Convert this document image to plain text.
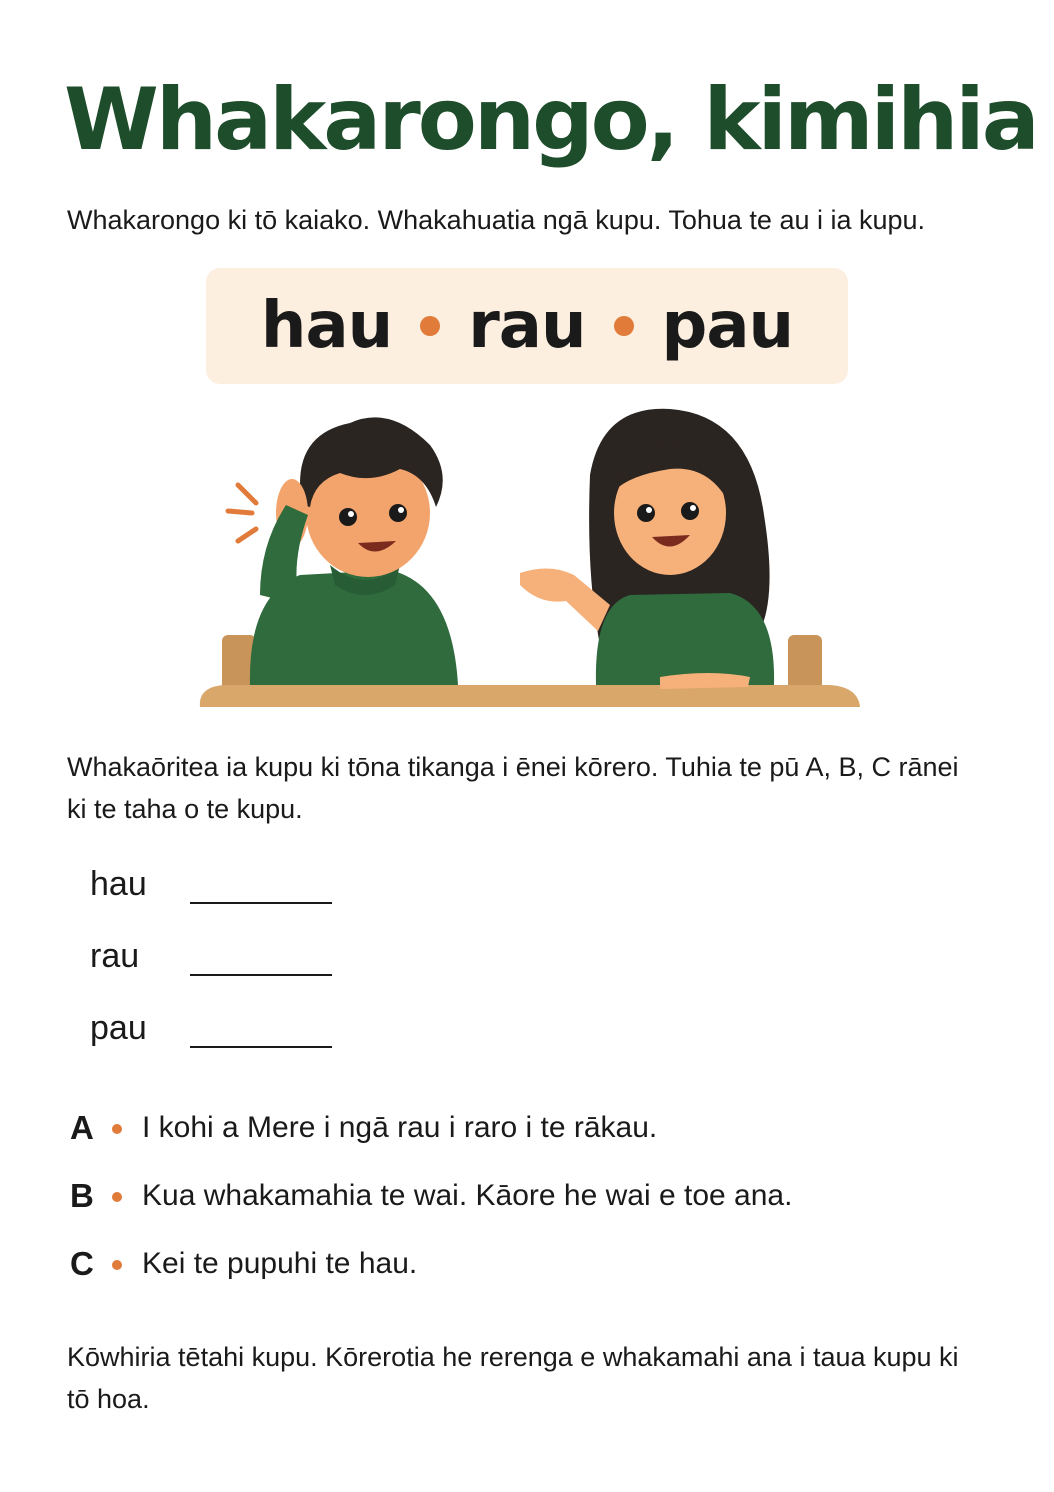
Whakarongo, kimihia

Whakarongo ki tō kaiako. Whakahuatia ngā kupu. Tohua te au i ia kupu.

hau rau pau

Whakaōritea ia kupu ki tōna tikanga i ēnei kōrero. Tuhia te pū A, B, C rānei ki te taha o te kupu.

hau
rau
pau
A I kohi a Mere i ngā rau i raro i te rākau.
B Kua whakamahia te wai. Kāore he wai e toe ana.
C Kei te pupuhi te hau.

Kōwhiria tētahi kupu. Kōrerotia he rerenga e whakamahi ana i taua kupu ki tō hoa.
